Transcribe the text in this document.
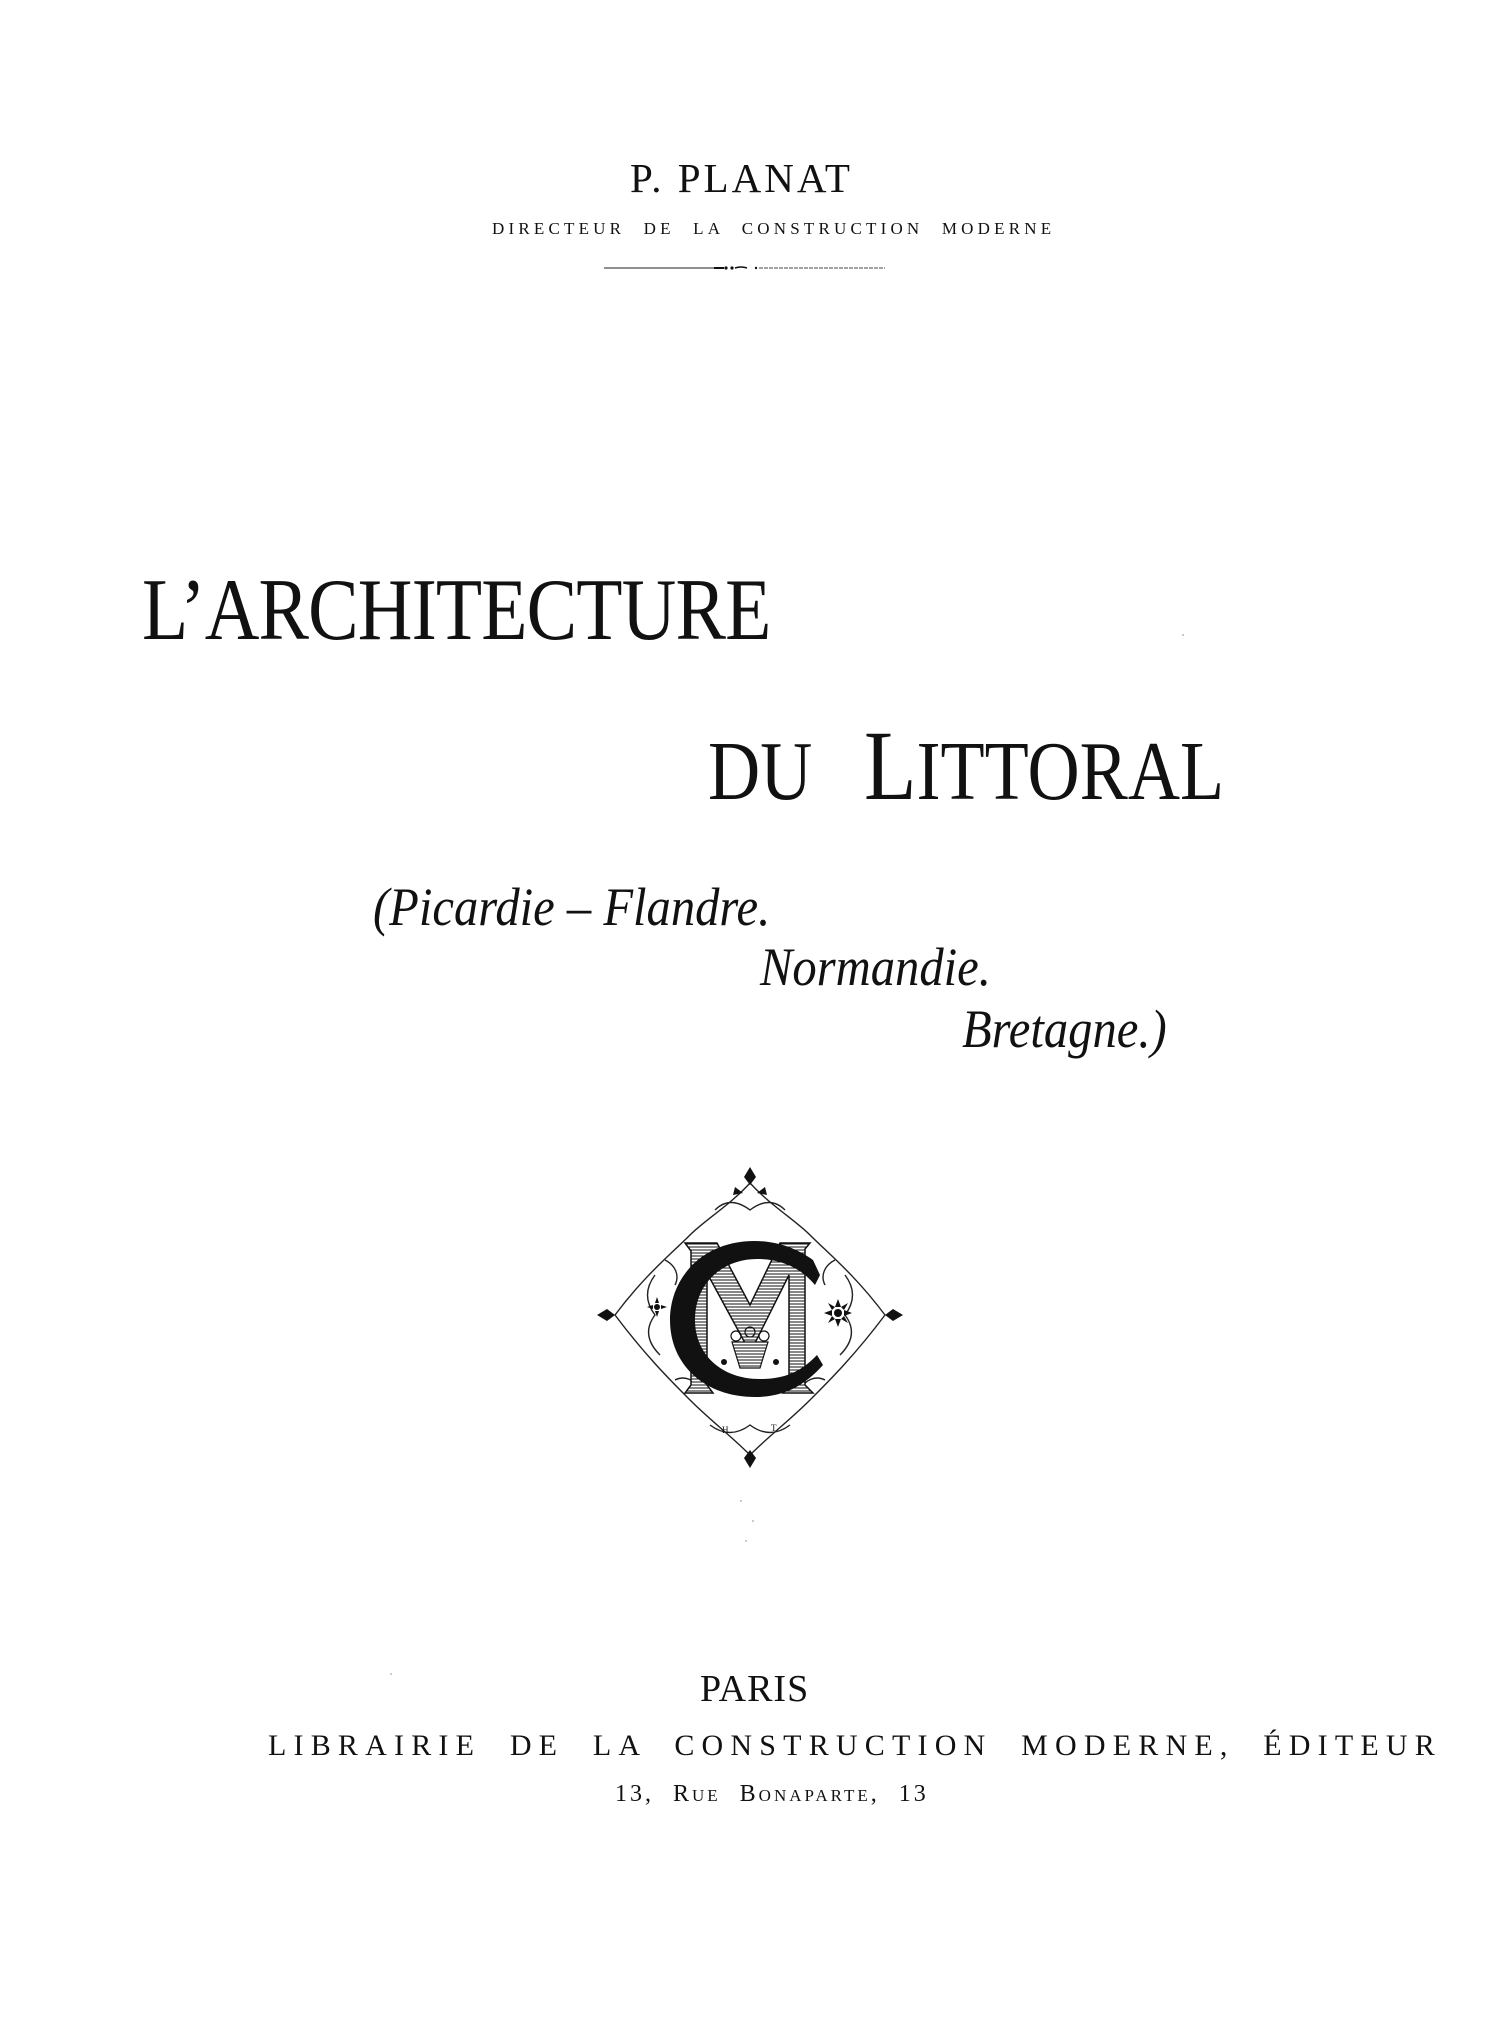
P. PLANAT
DIRECTEUR DE LA CONSTRUCTION MODERNE
L’ARCHITECTURE
DU LITTORAL
(Picardie – Flandre.
Normandie.
Bretagne.)
H	T
PARIS
LIBRAIRIE DE LA CONSTRUCTION MODERNE, ÉDITEUR
13, Rue Bonaparte, 13
